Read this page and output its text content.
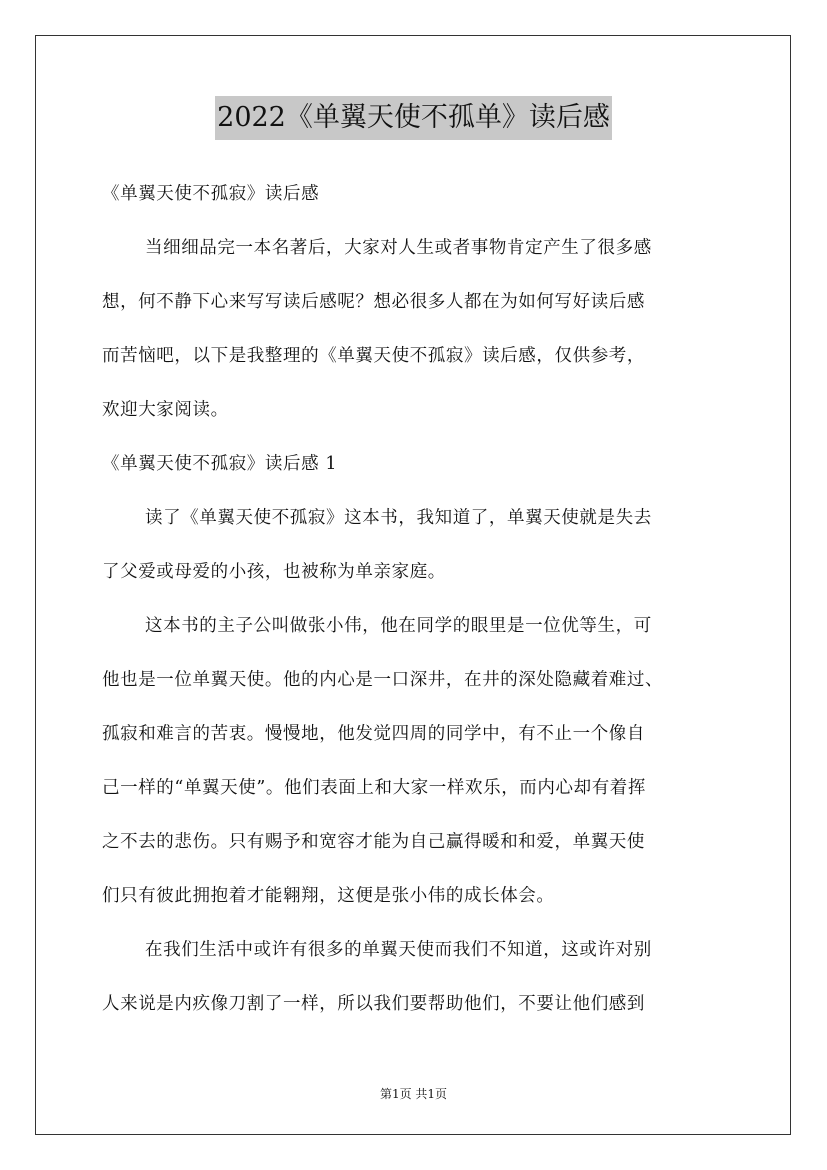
2022《单翼天使不孤单》读后感
《单翼天使不孤寂》读后感
当细细品完一本名著后，大家对人生或者事物肯定产生了很多感
想，何不静下心来写写读后感呢？想必很多人都在为如何写好读后感
而苦恼吧，以下是我整理的《单翼天使不孤寂》读后感，仅供参考，
欢迎大家阅读。
《单翼天使不孤寂》读后感 1
读了《单翼天使不孤寂》这本书，我知道了，单翼天使就是失去
了父爱或母爱的小孩，也被称为单亲家庭。
这本书的主子公叫做张小伟，他在同学的眼里是一位优等生，可
他也是一位单翼天使。他的内心是一口深井，在井的深处隐藏着难过、
孤寂和难言的苦衷。慢慢地，他发觉四周的同学中，有不止一个像自
己一样的“单翼天使”。他们表面上和大家一样欢乐，而内心却有着挥
之不去的悲伤。只有赐予和宽容才能为自己赢得暖和和爱，单翼天使
们只有彼此拥抱着才能翱翔，这便是张小伟的成长体会。
在我们生活中或许有很多的单翼天使而我们不知道，这或许对别
人来说是内疚像刀割了一样，所以我们要帮助他们，不要让他们感到
第1页 共1页
